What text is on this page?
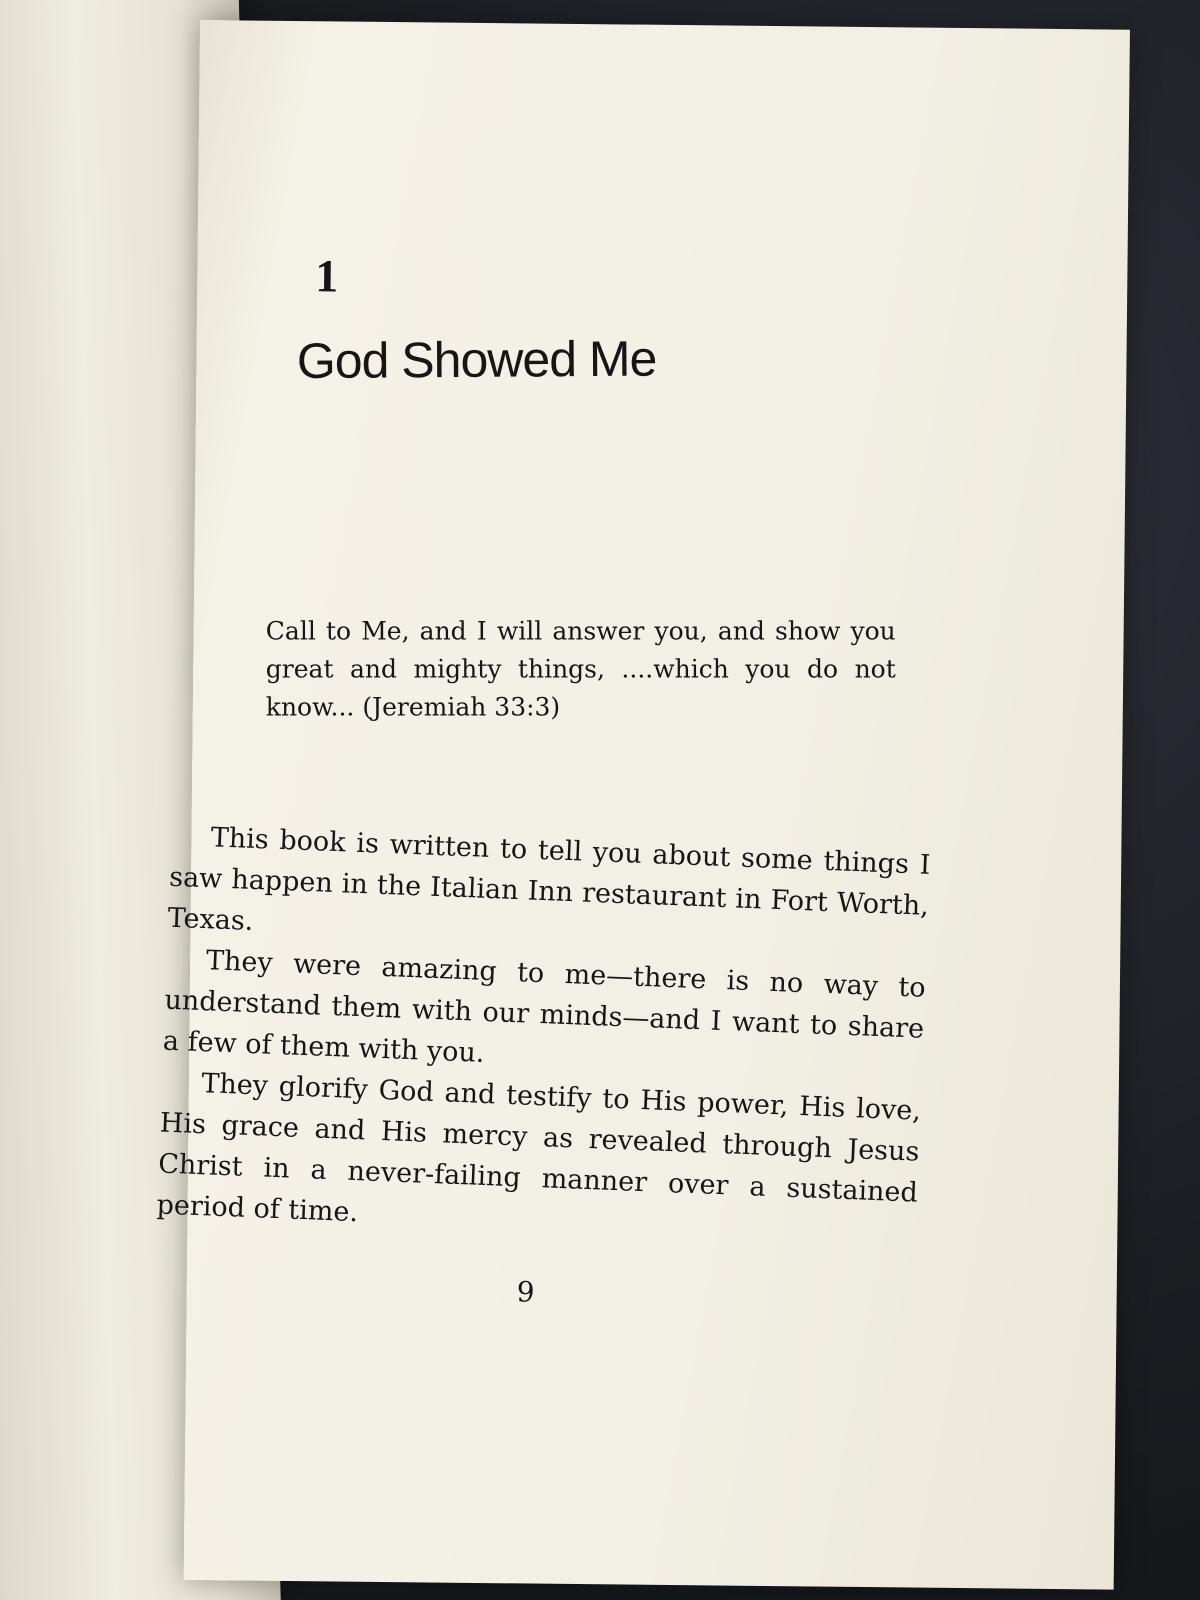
1
God Showed Me

Call to Me, and I will answer you, and show you great and mighty things, ....which you do not know... (Jeremiah 33:3)

This book is written to tell you about some things I saw happen in the Italian Inn restaurant in Fort Worth, Texas.

They were amazing to me—there is no way to understand them with our minds—and I want to share a few of them with you.

They glorify God and testify to His power, His love, His grace and His mercy as revealed through Jesus Christ in a never-failing manner over a sustained period of time.

9
